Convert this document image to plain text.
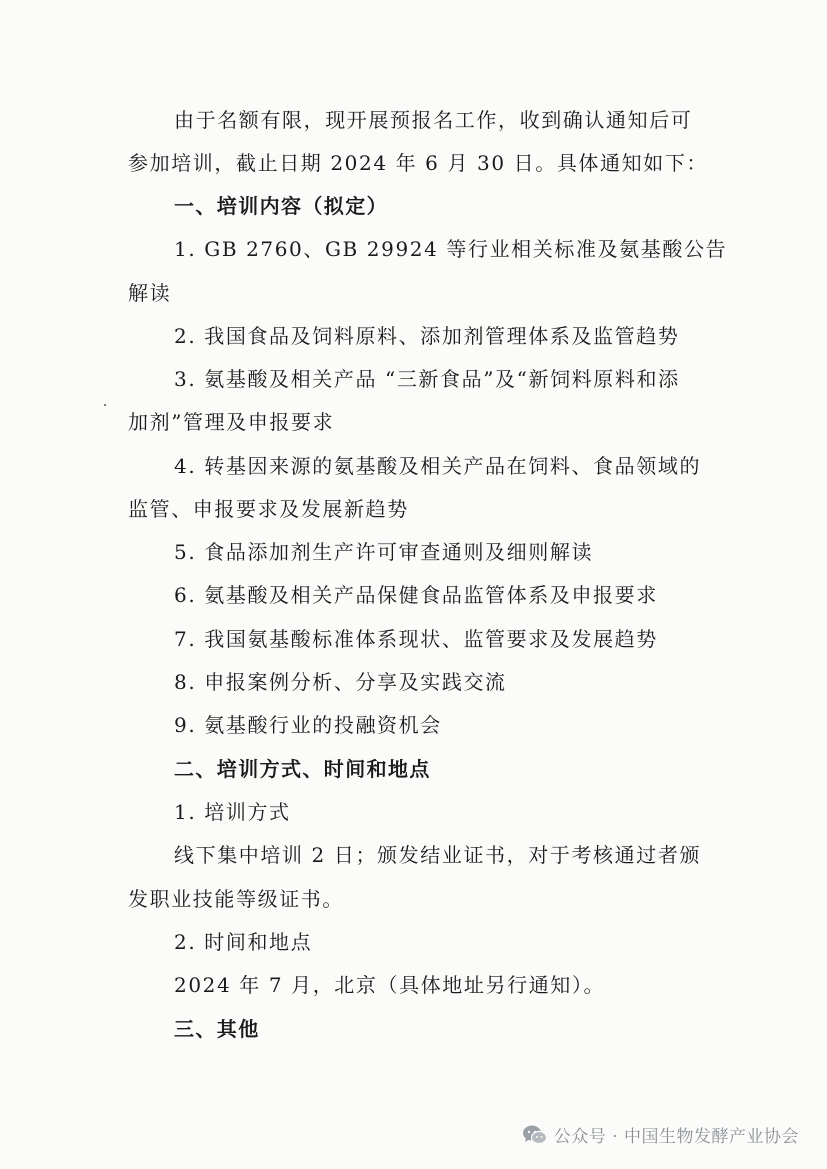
由于名额有限，现开展预报名工作，收到确认通知后可
参加培训，截止日期 2024 年 6 月 30 日。具体通知如下：
一、培训内容（拟定）
1. GB 2760、GB 29924 等行业相关标准及氨基酸公告
解读
2. 我国食品及饲料原料、添加剂管理体系及监管趋势
3. 氨基酸及相关产品 “三新食品”及“新饲料原料和添
加剂”管理及申报要求
4. 转基因来源的氨基酸及相关产品在饲料、食品领域的
监管、申报要求及发展新趋势
5. 食品添加剂生产许可审查通则及细则解读
6. 氨基酸及相关产品保健食品监管体系及申报要求
7. 我国氨基酸标准体系现状、监管要求及发展趋势
8. 申报案例分析、分享及实践交流
9. 氨基酸行业的投融资机会
二、培训方式、时间和地点
1. 培训方式
线下集中培训 2 日；颁发结业证书，对于考核通过者颁
发职业技能等级证书。
2. 时间和地点
2024 年 7 月，北京（具体地址另行通知）。
三、其他
公众号 · 中国生物发酵产业协会
